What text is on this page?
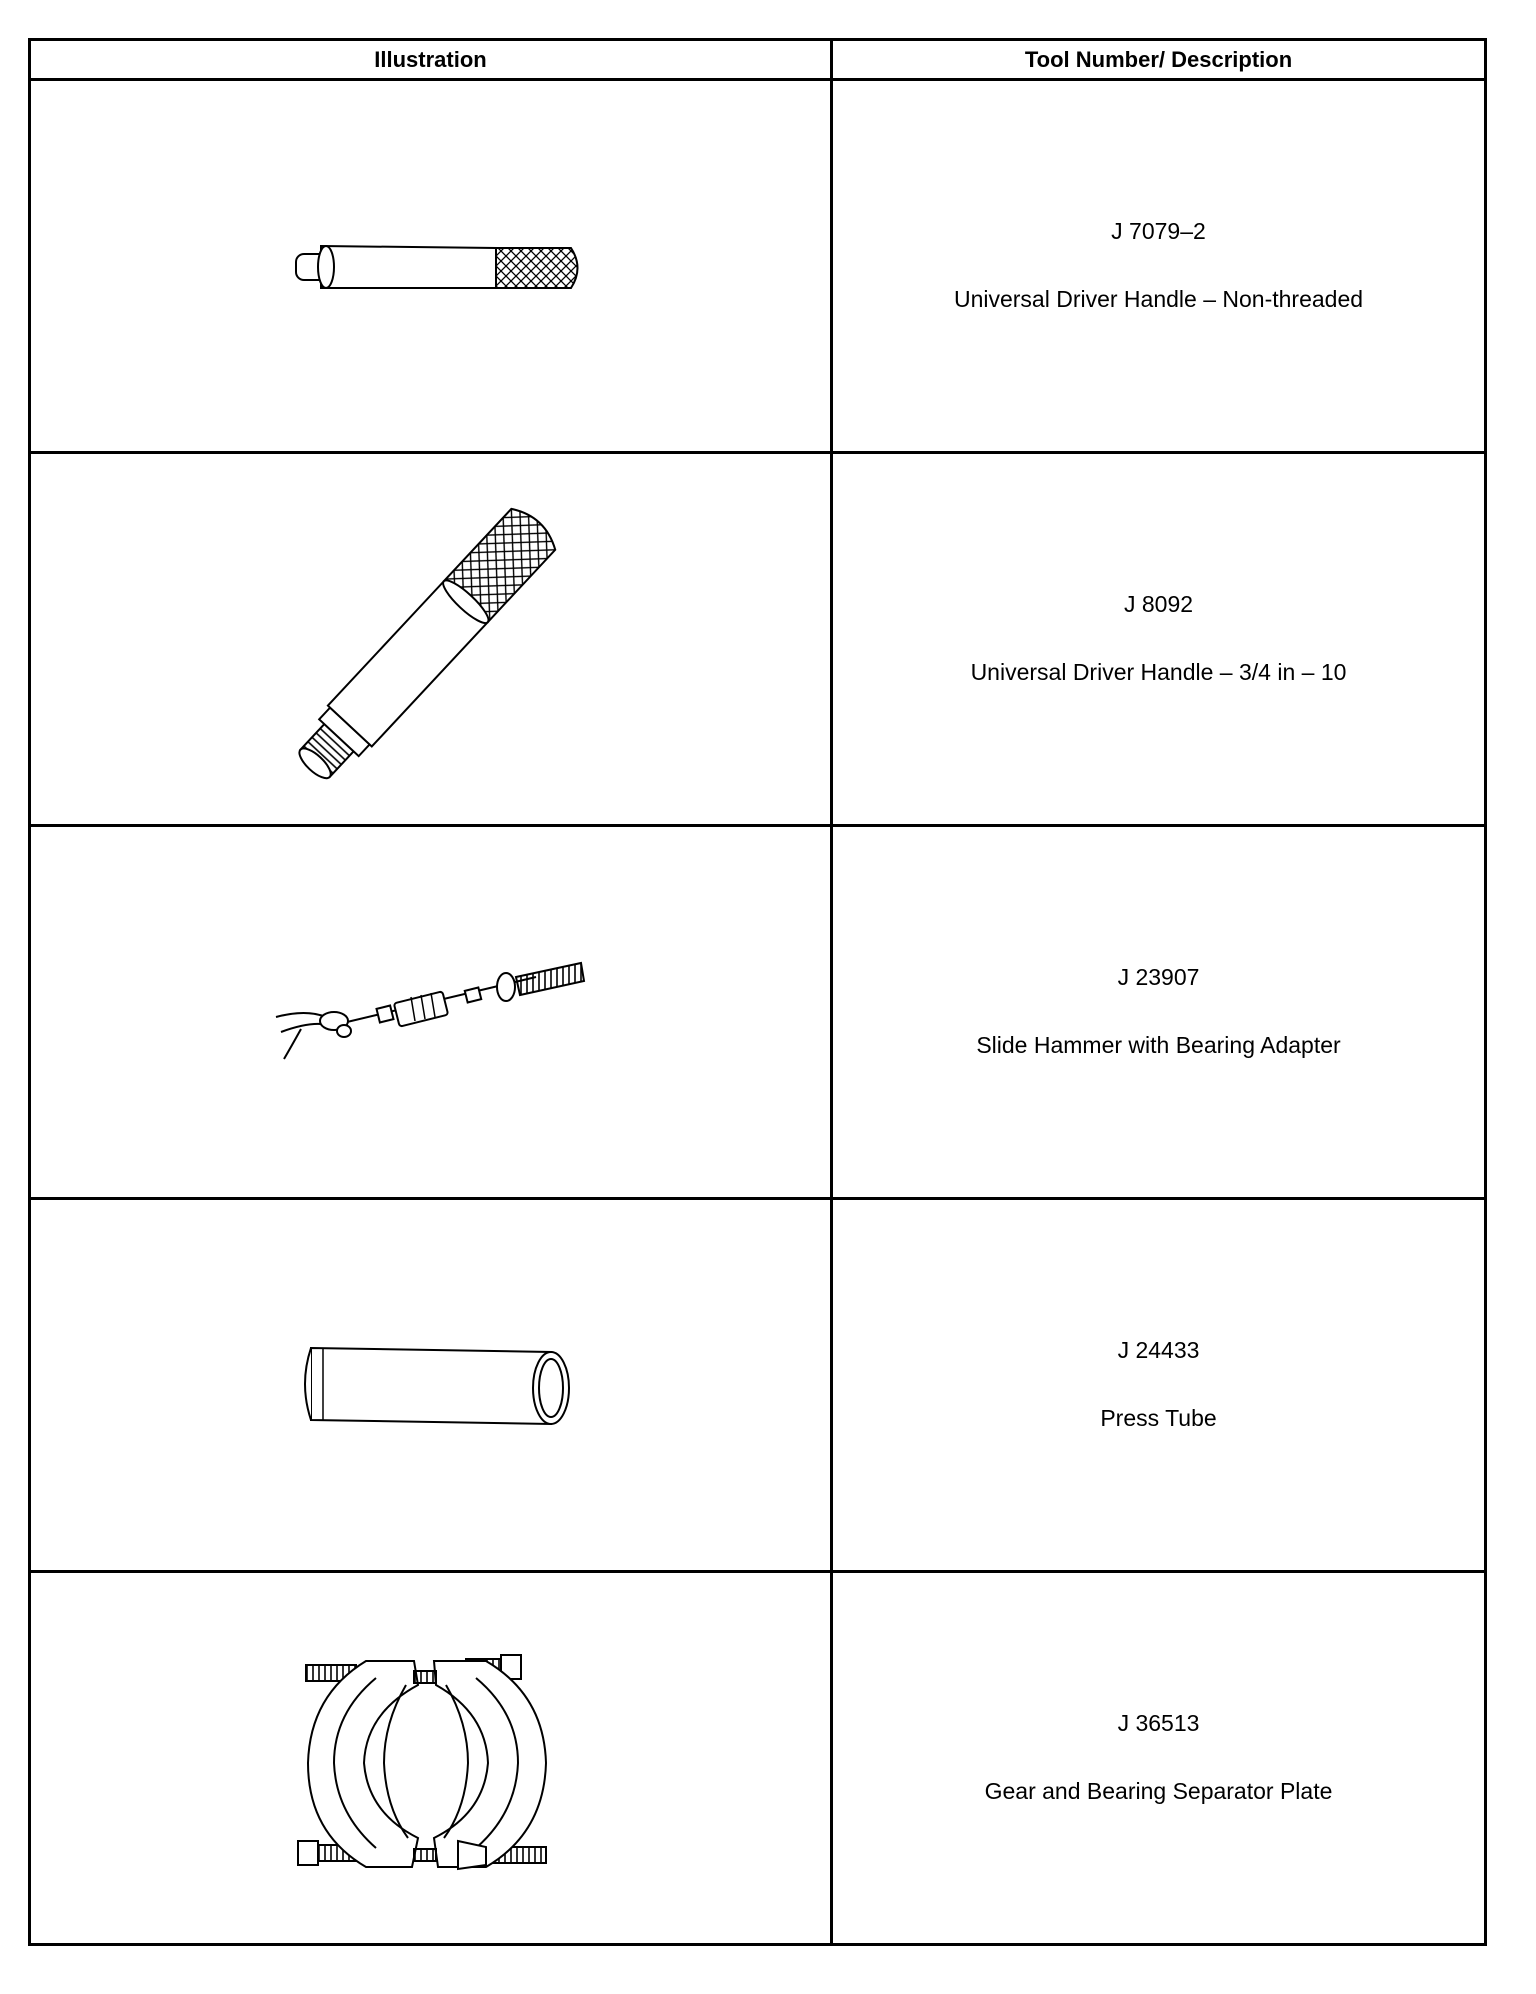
Illustration	Tool Number/ Description

J 7079–2
Universal Driver Handle – Non-threaded

J 8092
Universal Driver Handle – 3/4 in – 10

J 23907
Slide Hammer with Bearing Adapter

J 24433
Press Tube

J 36513
Gear and Bearing Separator Plate
